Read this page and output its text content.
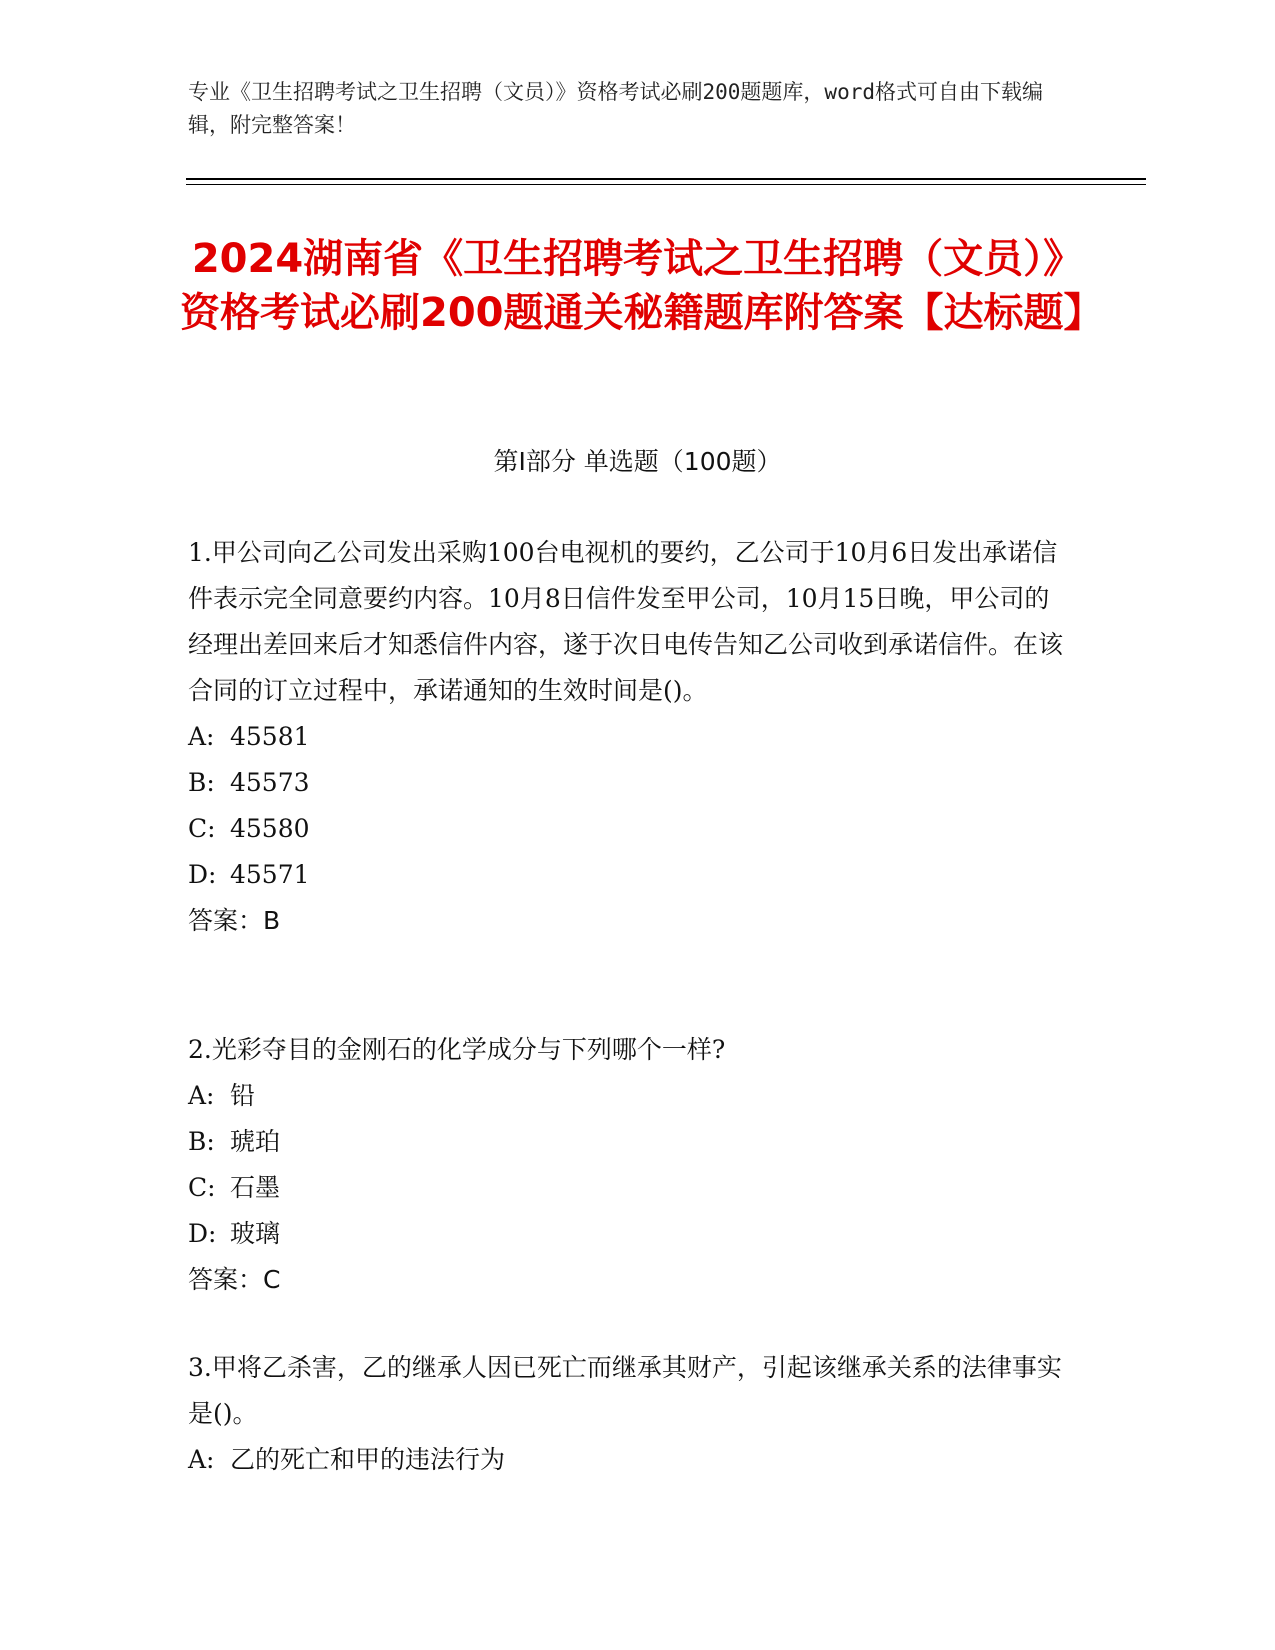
专业《卫生招聘考试之卫生招聘（文员）》资格考试必刷200题题库，word格式可自由下载编辑，附完整答案！
2024湖南省《卫生招聘考试之卫生招聘（文员）》资格考试必刷200题通关秘籍题库附答案【达标题】
第Ⅰ部分 单选题（100题）

1.甲公司向乙公司发出采购100台电视机的要约，乙公司于10月6日发出承诺信件表示完全同意要约内容。10月8日信件发至甲公司，10月15日晚，甲公司的经理出差回来后才知悉信件内容，遂于次日电传告知乙公司收到承诺信件。在该合同的订立过程中，承诺通知的生效时间是()。

A: 45581
B: 45573
C: 45580
D: 45571
答案：B

2.光彩夺目的金刚石的化学成分与下列哪个一样?

A: 铅
B: 琥珀
C: 石墨
D: 玻璃
答案：C

3.甲将乙杀害，乙的继承人因已死亡而继承其财产，引起该继承关系的法律事实是()。

A: 乙的死亡和甲的违法行为
